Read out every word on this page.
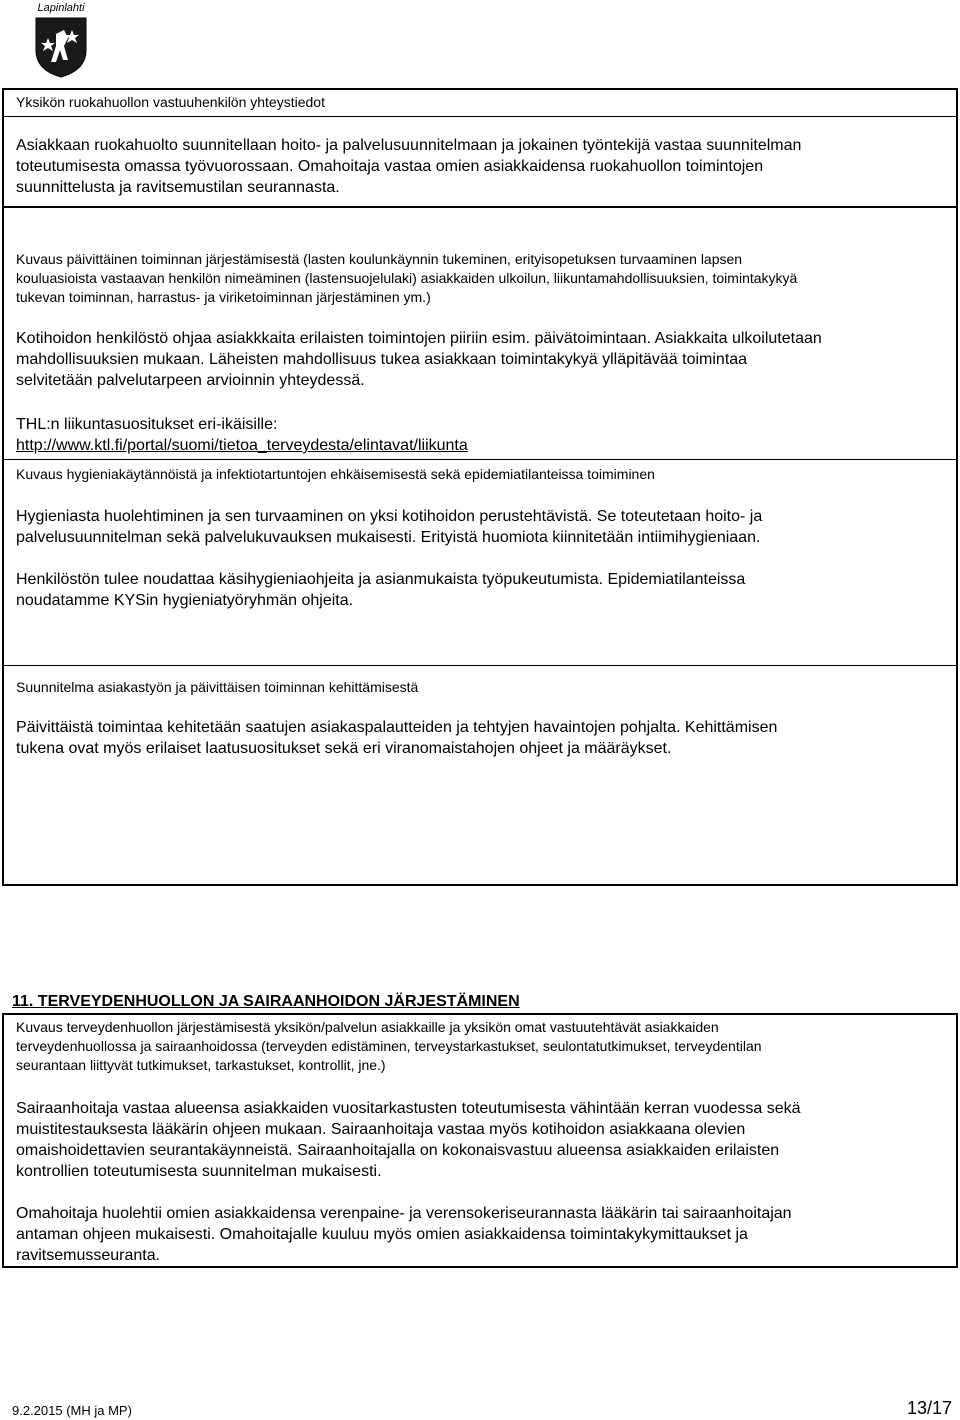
Lapinlahti
Yksikön ruokahuollon vastuuhenkilön yhteystiedot
Asiakkaan ruokahuolto suunnitellaan hoito- ja palvelusuunnitelmaan ja jokainen työntekijä vastaa suunnitelman
toteutumisesta omassa työvuorossaan. Omahoitaja vastaa omien asiakkaidensa ruokahuollon toimintojen
suunnittelusta ja ravitsemustilan seurannasta.
Kuvaus päivittäinen toiminnan järjestämisestä (lasten koulunkäynnin tukeminen, erityisopetuksen turvaaminen lapsen
kouluasioista vastaavan henkilön nimeäminen (lastensuojelulaki) asiakkaiden ulkoilun, liikuntamahdollisuuksien, toimintakykyä
tukevan toiminnan, harrastus- ja viriketoiminnan järjestäminen ym.)
Kotihoidon henkilöstö ohjaa asiakkkaita erilaisten toimintojen piiriin esim. päivätoimintaan. Asiakkaita ulkoilutetaan
mahdollisuuksien mukaan. Läheisten mahdollisuus tukea asiakkaan toimintakykyä ylläpitävää toimintaa
selvitetään palvelutarpeen arvioinnin yhteydessä.
THL:n liikuntasuositukset eri-ikäisille:
http://www.ktl.fi/portal/suomi/tietoa_terveydesta/elintavat/liikunta
Kuvaus hygieniakäytännöistä ja infektiotartuntojen ehkäisemisestä sekä epidemiatilanteissa toimiminen
Hygieniasta huolehtiminen ja sen turvaaminen on yksi kotihoidon perustehtävistä. Se toteutetaan hoito- ja
palvelusuunnitelman sekä palvelukuvauksen mukaisesti. Erityistä huomiota kiinnitetään intiimihygieniaan.
Henkilöstön tulee noudattaa käsihygieniaohjeita ja asianmukaista työpukeutumista. Epidemiatilanteissa
noudatamme KYSin hygieniatyöryhmän ohjeita.
Suunnitelma asiakastyön ja päivittäisen toiminnan kehittämisestä
Päivittäistä toimintaa kehitetään saatujen asiakaspalautteiden ja tehtyjen havaintojen pohjalta. Kehittämisen
tukena ovat myös erilaiset laatusuositukset sekä eri viranomaistahojen ohjeet ja määräykset.
11. TERVEYDENHUOLLON JA SAIRAANHOIDON JÄRJESTÄMINEN
Kuvaus terveydenhuollon järjestämisestä yksikön/palvelun asiakkaille ja yksikön omat vastuutehtävät asiakkaiden
terveydenhuollossa ja sairaanhoidossa (terveyden edistäminen, terveystarkastukset, seulontatutkimukset, terveydentilan
seurantaan liittyvät tutkimukset, tarkastukset, kontrollit, jne.)
Sairaanhoitaja vastaa alueensa asiakkaiden vuositarkastusten toteutumisesta vähintään kerran vuodessa sekä
muistitestauksesta lääkärin ohjeen mukaan. Sairaanhoitaja vastaa myös kotihoidon asiakkaana olevien
omaishoidettavien seurantakäynneistä. Sairaanhoitajalla on kokonaisvastuu alueensa asiakkaiden erilaisten
kontrollien toteutumisesta suunnitelman mukaisesti.
Omahoitaja huolehtii omien asiakkaidensa verenpaine- ja verensokeriseurannasta lääkärin tai sairaanhoitajan
antaman ohjeen mukaisesti. Omahoitajalle kuuluu myös omien asiakkaidensa toimintakykymittaukset ja
ravitsemusseuranta.
9.2.2015 (MH ja MP)	13/17
